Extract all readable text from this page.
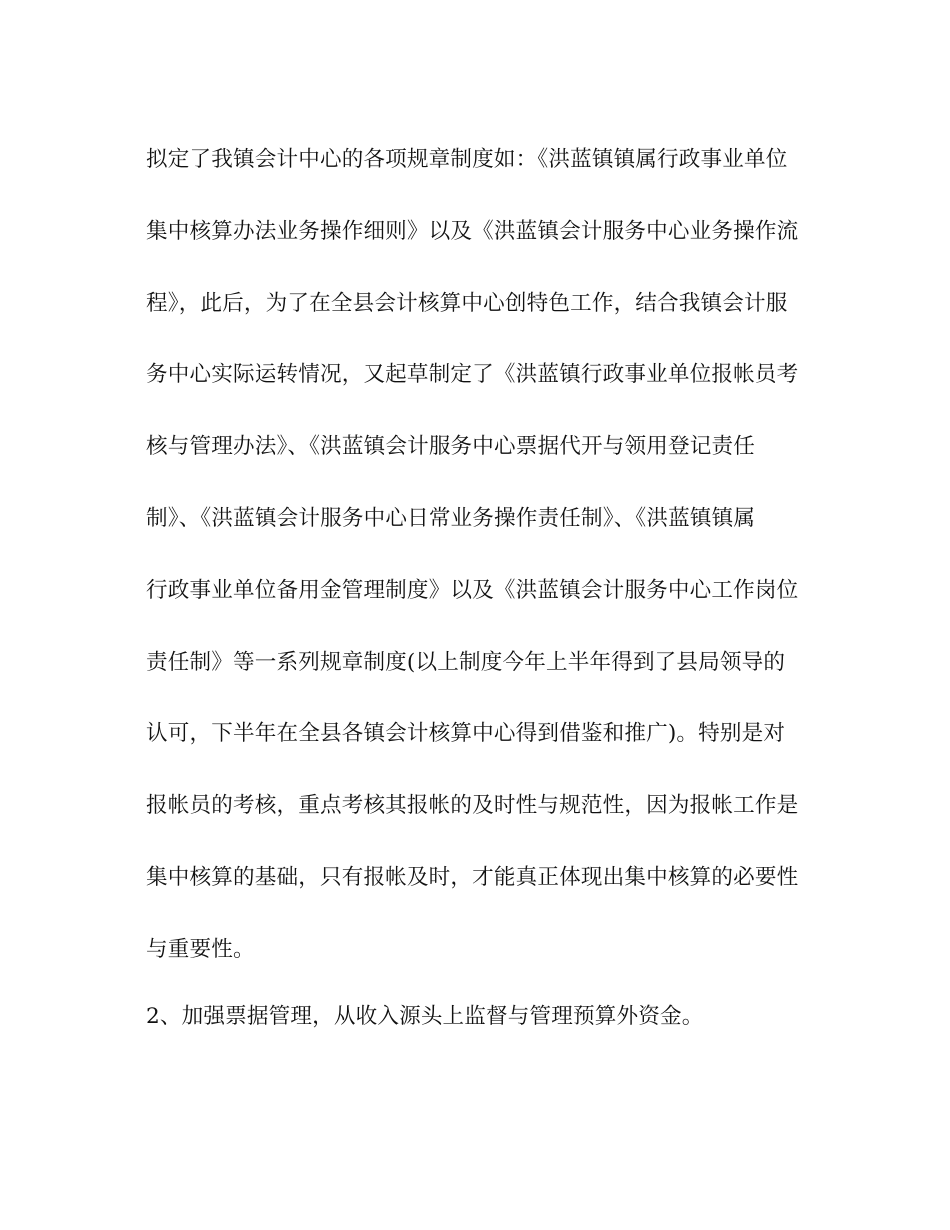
拟定了我镇会计中心的各项规章制度如：《洪蓝镇镇属行政事业单位
集中核算办法业务操作细则》以及《洪蓝镇会计服务中心业务操作流
程》，此后，为了在全县会计核算中心创特色工作，结合我镇会计服
务中心实际运转情况，又起草制定了《洪蓝镇行政事业单位报帐员考
核与管理办法》、《洪蓝镇会计服务中心票据代开与领用登记责任
制》、《洪蓝镇会计服务中心日常业务操作责任制》、《洪蓝镇镇属
行政事业单位备用金管理制度》以及《洪蓝镇会计服务中心工作岗位
责任制》等一系列规章制度(以上制度今年上半年得到了县局领导的
认可，下半年在全县各镇会计核算中心得到借鉴和推广)。特别是对
报帐员的考核，重点考核其报帐的及时性与规范性，因为报帐工作是
集中核算的基础，只有报帐及时，才能真正体现出集中核算的必要性
与重要性。
2、加强票据管理，从收入源头上监督与管理预算外资金。
